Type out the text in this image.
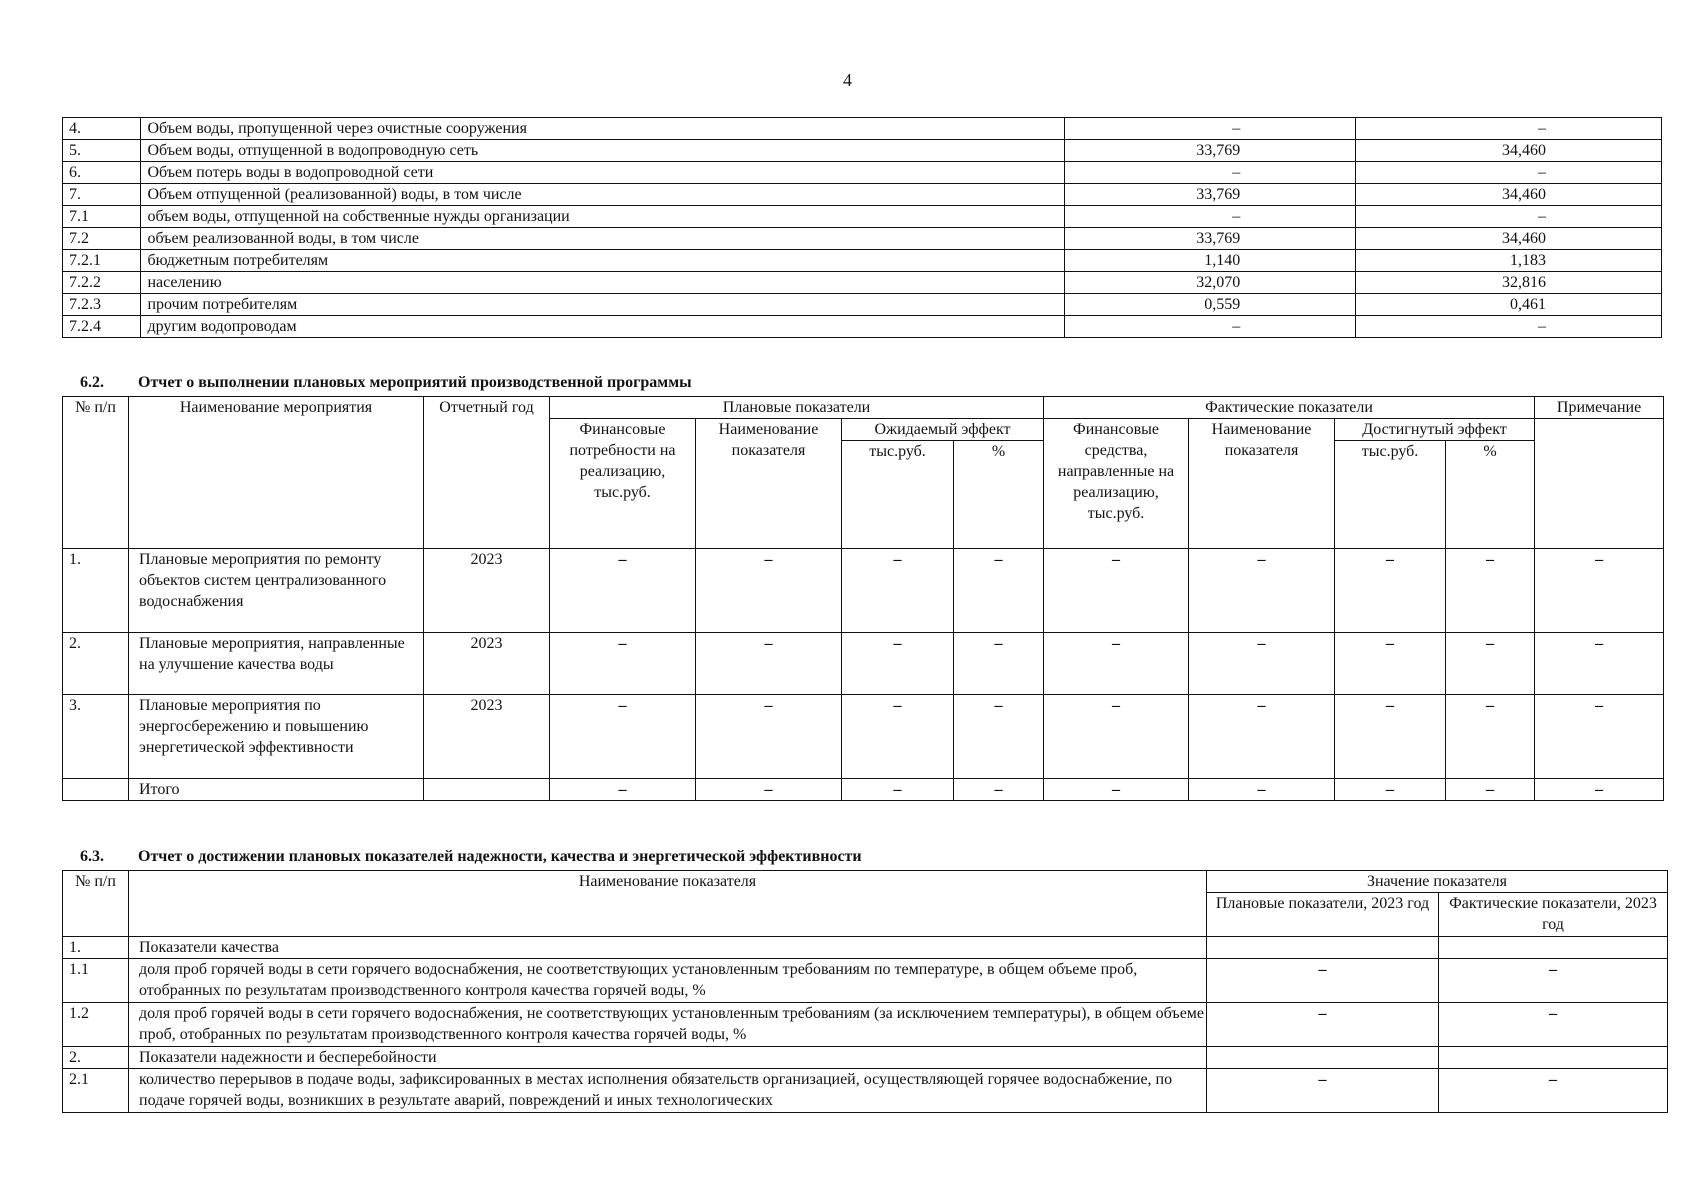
4
4.	Объем воды, пропущенной через очистные сооружения	–	–
5.	Объем воды, отпущенной в водопроводную сеть	33,769	34,460
6.	Объем потерь воды в водопроводной сети	–	–
7.	Объем отпущенной (реализованной) воды, в том числе	33,769	34,460
7.1	объем воды, отпущенной на собственные нужды организации	–	–
7.2	объем реализованной воды, в том числе	33,769	34,460
7.2.1	бюджетным потребителям	1,140	1,183
7.2.2	населению	32,070	32,816
7.2.3	прочим потребителям	0,559	0,461
7.2.4	другим водопроводам	–	–
6.2. Отчет о выполнении плановых мероприятий производственной программы
№ п/п	Наименование мероприятия	Отчетный год	Плановые показатели				Фактические показатели				Примечание
			Финансовые потребности на реализацию, тыс.руб.	Наименование показателя	Ожидаемый эффект		Финансовые средства, направленные на реализацию, тыс.руб.	Наименование показателя	Достигнутый эффект		
					тыс.руб.	%			тыс.руб.	%	
1.	Плановые мероприятия по ремонту объектов систем централизованного водоснабжения	2023	–	–	–	–	–	–	–	–	–
2.	Плановые мероприятия, направленные на улучшение качества воды	2023	–	–	–	–	–	–	–	–	–
3.	Плановые мероприятия по энергосбережению и повышению энергетической эффективности	2023	–	–	–	–	–	–	–	–	–
	Итого		–	–	–	–	–	–	–	–	–
6.3. Отчет о достижении плановых показателей надежности, качества и энергетической эффективности
№ п/п	Наименование показателя	Значение показателя	
		Плановые показатели, 2023 год	Фактические показатели, 2023 год
1.	Показатели качества		
1.1	доля проб горячей воды в сети горячего водоснабжения, не соответствующих установленным требованиям по температуре, в общем объеме проб, отобранных по результатам производственного контроля качества горячей воды, %	–	–
1.2	доля проб горячей воды в сети горячего водоснабжения, не соответствующих установленным требованиям (за исключением температуры), в общем объеме проб, отобранных по результатам производственного контроля качества горячей воды, %	–	–
2.	Показатели надежности и бесперебойности		
2.1	количество перерывов в подаче воды, зафиксированных в местах исполнения обязательств организацией, осуществляющей горячее водоснабжение, по подаче горячей воды, возникших в результате аварий, повреждений и иных технологических	–	–
